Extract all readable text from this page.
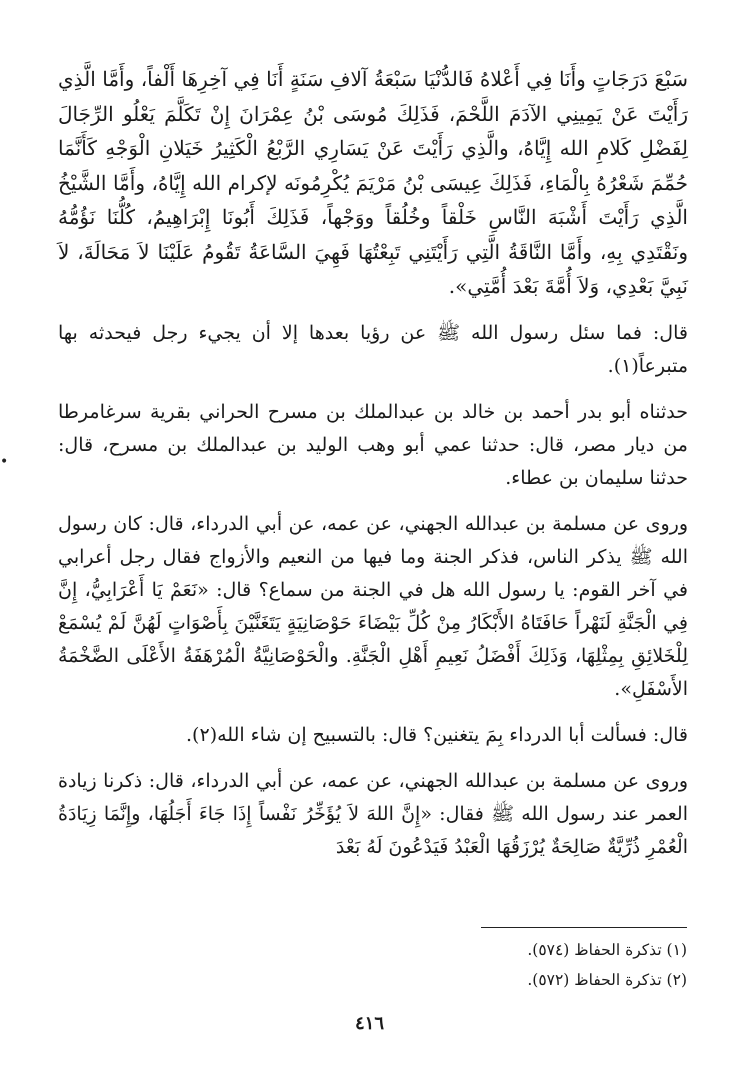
•

سَبْعَ دَرَجَاتٍ وأَنَا فِي أَعْلاهُ فَالدُّنْيَا سَبْعَةُ آلافِ سَنَةٍ أَنَا فِي آخِرِهَا أَلْفاً، وأَمَّا الَّذِي رَأَيْتَ عَنْ يَمِينِي الآدَمَ اللَّحْمَ، فَذَلِكَ مُوسَى بْنُ عِمْرَانَ إِنْ تَكَلَّمَ يَعْلُو الرِّجَالَ لِفَضْلِ كَلامِ الله إِيَّاهُ، والَّذِي رَأَيْتَ عَنْ يَسَارِي الرَّبْعُ الْكَثِيرُ خَيَلانِ الْوَجْهِ كَأَنَّمَا حُمِّمَ شَعْرُهُ بِالْمَاءِ، فَذَلِكَ عِيسَى بْنُ مَرْيَمَ يُكْرِمُونَه لإكرام الله إِيَّاهُ، وأَمَّا الشَّيْخُ الَّذِي رَأَيْتَ أَشْبَهَ النَّاسِ خَلْقاً وخُلُقاً ووَجْهاً، فَذَلِكَ أَبُونَا إِبْرَاهِيمُ، كُلُّنَا نَؤُمُّهُ ونَقْتَدِي بِهِ، وأَمَّا النَّاقَةُ الَّتِي رَأَيْتَنِي تَبِعْتُهَا فَهِيَ السَّاعَةُ تَقُومُ عَلَيْنَا لاَ مَحَالَةَ، لاَ نَبِيَّ بَعْدِي، وَلاَ أُمَّةَ بَعْدَ أُمَّتِي».

قال: فما سئل رسول الله ﷺ عن رؤيا بعدها إلا أن يجيء رجل فيحدثه بها متبرعاً(١).

حدثناه أبو بدر أحمد بن خالد بن عبدالملك بن مسرح الحراني بقرية سرغامرطا من ديار مصر، قال: حدثنا عمي أبو وهب الوليد بن عبدالملك بن مسرح، قال: حدثنا سليمان بن عطاء.

وروى عن مسلمة بن عبدالله الجهني، عن عمه، عن أبي الدرداء، قال: كان رسول الله ﷺ يذكر الناس، فذكر الجنة وما فيها من النعيم والأزواج فقال رجل أعرابي في آخر القوم: يا رسول الله هل في الجنة من سماع؟ قال: «نَعَمْ يَا أَعْرَابِيُّ، إِنَّ فِي الْجَنَّةِ لَنَهْراً حَافَتَاهُ الأَبْكَارُ مِنْ كُلِّ بَيْضَاءَ حَوْصَانِيَةٍ يَتَغَنَّيْنَ بِأَصْوَاتٍ لَهُنَّ لَمْ يُسْمَعْ لِلْخَلائِقِ بِمِثْلِهَا، وَذَلِكَ أَفْضَلُ نَعِيمِ أَهْلِ الْجَنَّةِ. والْحَوْصَانِيَّةُ الْمُرْهَفَةُ الأَعْلَى الضَّخْمَةُ الأَسْفَلِ».

قال: فسألت أبا الدرداء بِمَ يتغنين؟ قال: بالتسبيح إن شاء الله(٢).

وروى عن مسلمة بن عبدالله الجهني، عن عمه، عن أبي الدرداء، قال: ذكرنا زيادة العمر عند رسول الله ﷺ فقال: «إِنَّ اللهَ لاَ يُؤَخِّرُ نَفْساً إِذَا جَاءَ أَجَلُهَا، وإِنَّمَا زِيَادَةُ الْعُمْرِ ذُرِّيَّةٌ صَالِحَةٌ يُرْزَقُهَا الْعَبْدُ فَيَدْعُونَ لَهُ بَعْدَ

(١) تذكرة الحفاظ (٥٧٤).
(٢) تذكرة الحفاظ (٥٧٢).
٤١٦
